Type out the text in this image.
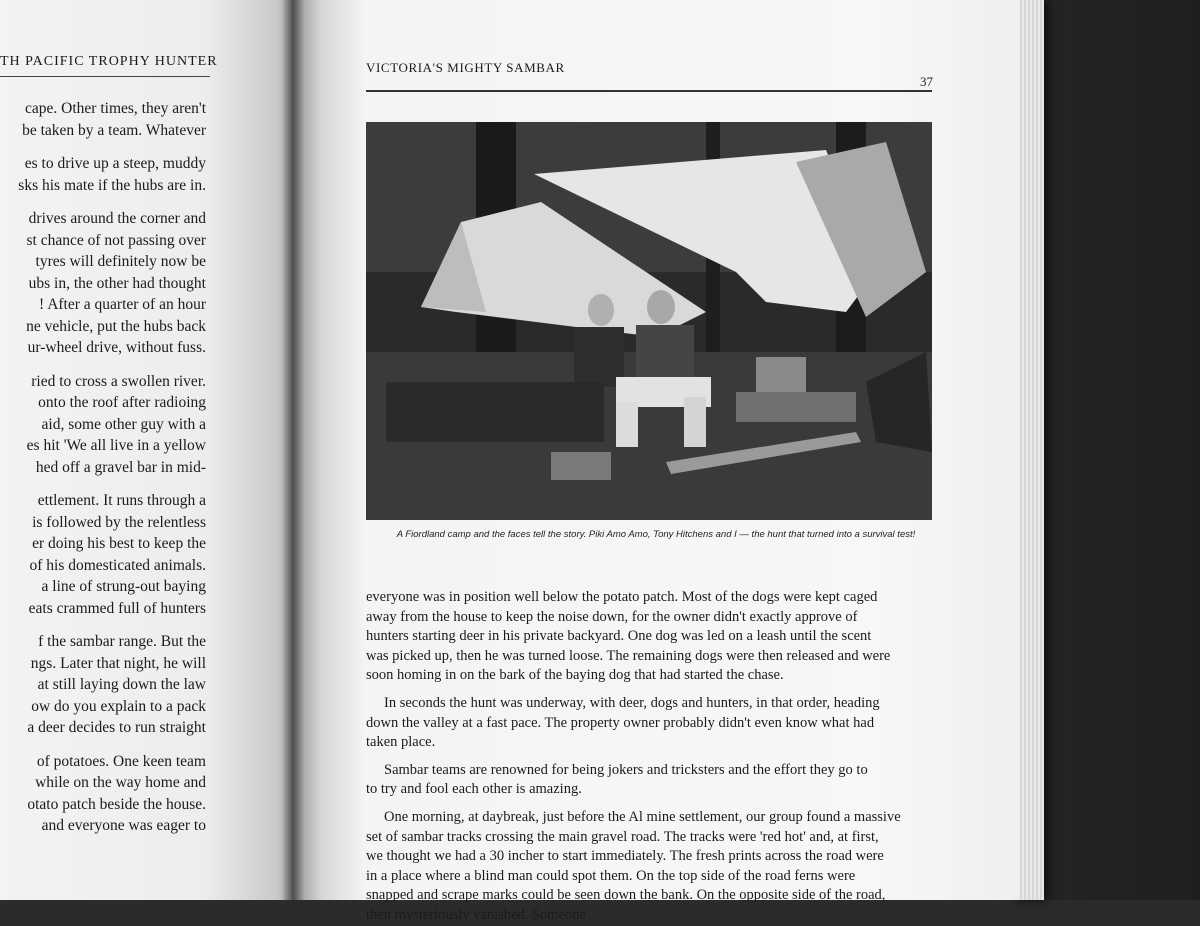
TH PACIFIC TROPHY HUNTER
cape. Other times, they aren't
be taken by a team. Whatever
es to drive up a steep, muddy
sks his mate if the hubs are in.
drives around the corner and
st chance of not passing over
tyres will definitely now be
ubs in, the other had thought
! After a quarter of an hour
ne vehicle, put the hubs back
ur-wheel drive, without fuss.
ried to cross a swollen river.
onto the roof after radioing
aid, some other guy with a
es hit 'We all live in a yellow
hed off a gravel bar in mid-
ettlement. It runs through a
is followed by the relentless
er doing his best to keep the
of his domesticated animals.
a line of strung-out baying
eats crammed full of hunters
f the sambar range. But the
ngs. Later that night, he will
at still laying down the law
ow do you explain to a pack
a deer decides to run straight
of potatoes. One keen team
while on the way home and
otato patch beside the house.
and everyone was eager to
VICTORIA'S MIGHTY SAMBAR
37
A Fiordland camp and the faces tell the story. Piki Amo Amo, Tony Hitchens and I — the hunt that turned into a survival test!
everyone was in position well below the potato patch. Most of the dogs were kept caged
away from the house to keep the noise down, for the owner didn't exactly approve of
hunters starting deer in his private backyard. One dog was led on a leash until the scent
was picked up, then he was turned loose. The remaining dogs were then released and were
soon homing in on the bark of the baying dog that had started the chase.
In seconds the hunt was underway, with deer, dogs and hunters, in that order, heading
down the valley at a fast pace. The property owner probably didn't even know what had
taken place.
Sambar teams are renowned for being jokers and tricksters and the effort they go to
to try and fool each other is amazing.
One morning, at daybreak, just before the Al mine settlement, our group found a massive
set of sambar tracks crossing the main gravel road. The tracks were 'red hot' and, at first,
we thought we had a 30 incher to start immediately. The fresh prints across the road were
in a place where a blind man could spot them. On the top side of the road ferns were
snapped and scrape marks could be seen down the bank. On the opposite side of the road,
then mysteriously vanished. Someone
